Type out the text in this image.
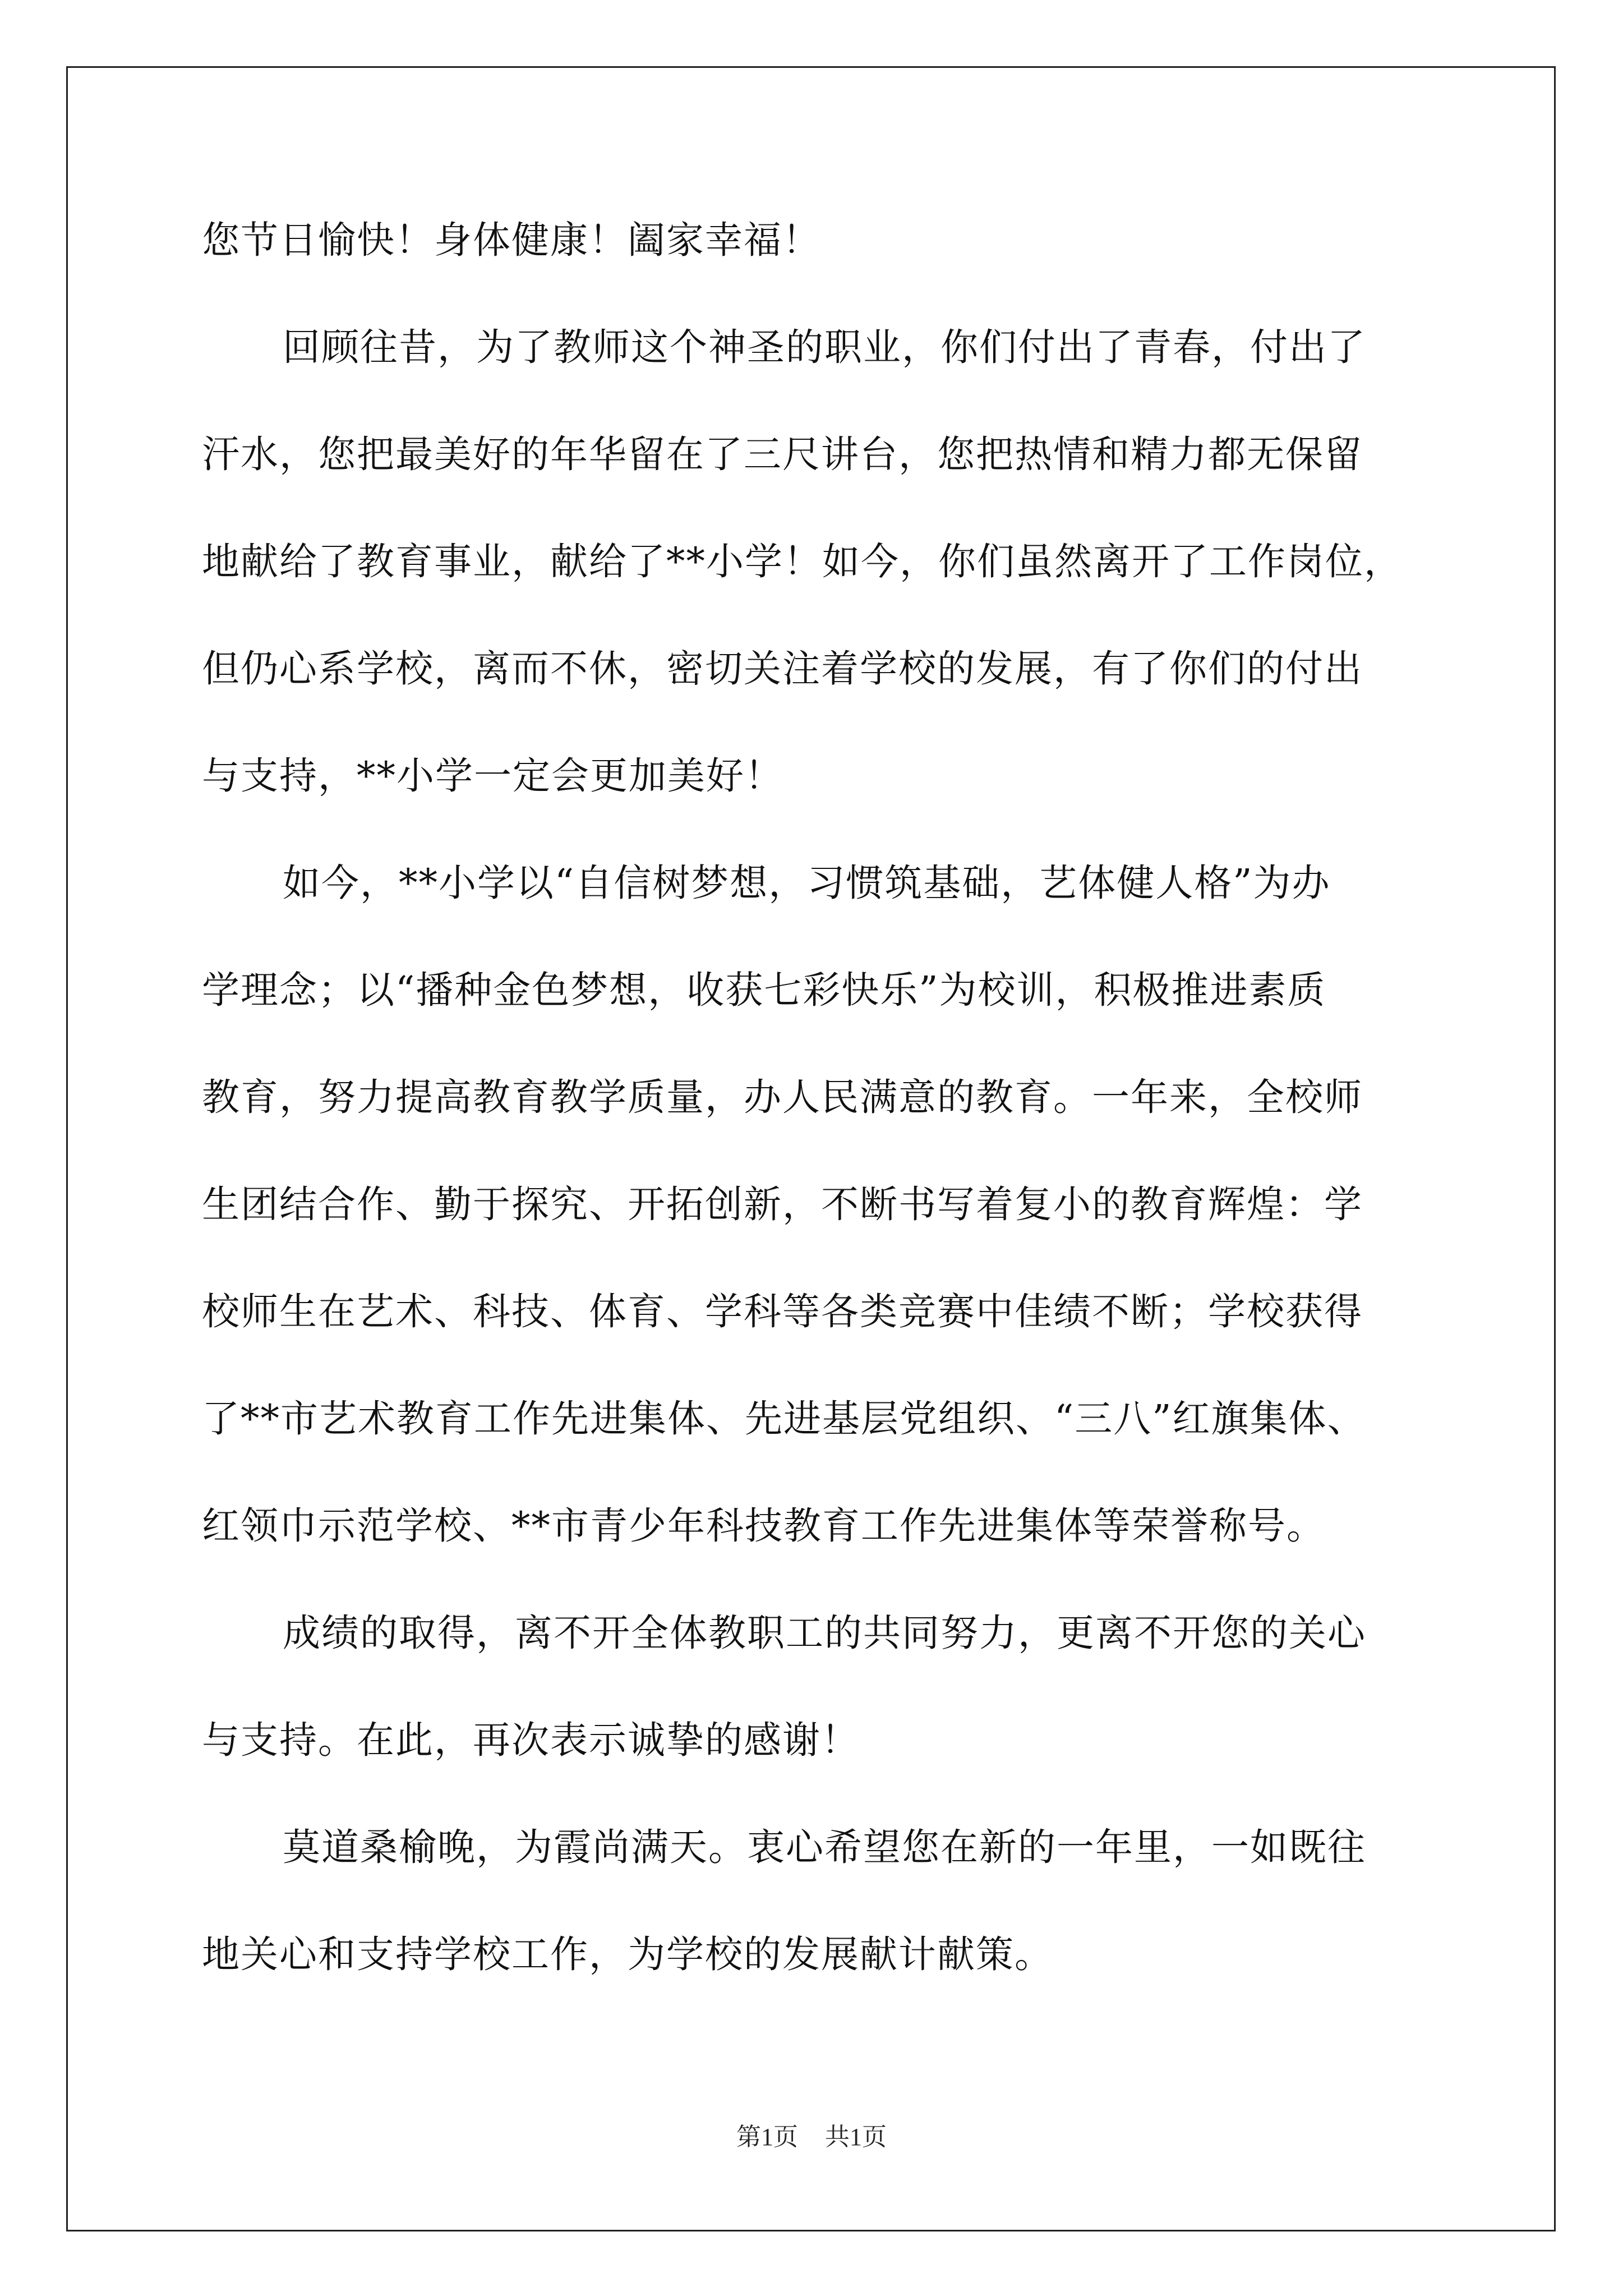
您节日愉快！身体健康！阖家幸福！
回顾往昔，为了教师这个神圣的职业，你们付出了青春，付出了
汗水，您把最美好的年华留在了三尺讲台，您把热情和精力都无保留
地献给了教育事业，献给了**小学！如今，你们虽然离开了工作岗位，
但仍心系学校，离而不休，密切关注着学校的发展，有了你们的付出
与支持，**小学一定会更加美好！
如今，**小学以“自信树梦想，习惯筑基础，艺体健人格”为办
学理念；以“播种金色梦想，收获七彩快乐”为校训，积极推进素质
教育，努力提高教育教学质量，办人民满意的教育。一年来，全校师
生团结合作、勤于探究、开拓创新，不断书写着复小的教育辉煌：学
校师生在艺术、科技、体育、学科等各类竞赛中佳绩不断；学校获得
了**市艺术教育工作先进集体、先进基层党组织、“三八”红旗集体、
红领巾示范学校、**市青少年科技教育工作先进集体等荣誉称号。
成绩的取得，离不开全体教职工的共同努力，更离不开您的关心
与支持。在此，再次表示诚挚的感谢！
莫道桑榆晚，为霞尚满天。衷心希望您在新的一年里，一如既往
地关心和支持学校工作，为学校的发展献计献策。
第1页 共1页
